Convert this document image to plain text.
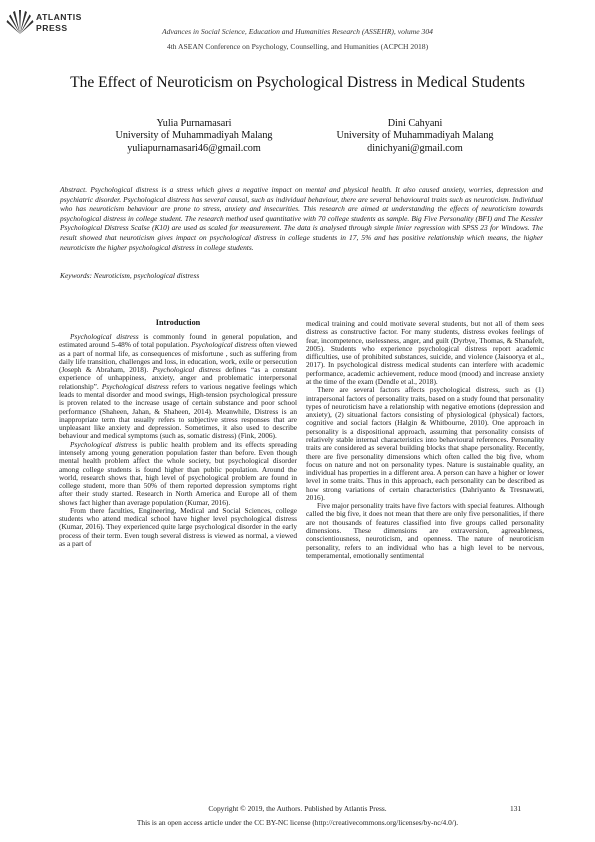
ATLANTIS
PRESS	Advances in Social Science, Education and Humanities Research (ASSEHR), volume 304
4th ASEAN Conference on Psychology, Counselling, and Humanities (ACPCH 2018)
The Effect of Neuroticism on Psychological Distress in Medical Students
Yulia Purnamasari
University of Muhammadiyah Malang
yuliapurnamasari46@gmail.com
Dini Cahyani
University of Muhammadiyah Malang
dinichyani@gmail.com
Abstract. Psychological distress is a stress which gives a negative impact on mental and physical health. It also caused anxiety, worries, depression and psychiatric disorder. Psychological distress has several causal, such as individual behaviour, there are several behavioural traits such as neuroticism. Individual who has neuroticism behaviour are prone to stress, anxiety and insecurities. This research are aimed at understanding the effects of neuroticism towards psychological distress in college student. The research method used quantitative with 70 college students as sample. Big Five Personality (BFI) and The Kessler Psychological Distress Scalse (K10) are used as scaled for measurement. The data is analysed through simple linier regression with SPSS 23 for Windows. The result showed that neuroticism gives impact on psychological distress in college students in 17, 5% and has positive relationship which means, the higher neuroticism the higher psychological distress in college students.
Keywords: Neuroticism, psychological distress
Introduction

Psychological distress is commonly found in general population, and estimated around 5-48% of total population. Psychological distress often viewed as a part of normal life, as consequences of misfortune , such as suffering from daily life transition, challenges and loss, in education, work, exile or persecution (Joseph & Abraham, 2018). Psychological distress defines “as a constant experience of unhappiness, anxiety, anger and problematic interpersonal relationship”. Psychological distress refers to various negative feelings which leads to mental disorder and mood swings, High-tension psychological pressure is proven related to the increase usage of certain substance and poor school performance (Shaheen, Jahan, & Shaheen, 2014). Meanwhile, Distress is an inappropriate term that usually refers to subjective stress responses that are unpleasant like anxiety and depression. Sometimes, it also used to describe behaviour and medical symptoms (such as, somatic distress) (Fink, 2006).

Psychological distress is public health problem and its effects spreading intensely among young generation population faster than before. Even though mental health problem affect the whole society, but psychological disorder among college students is found higher than public population. Around the world, research shows that, high level of psychological problem are found in college student, more than 50% of them reported depression symptoms right after their study started. Research in North America and Europe all of them shows fact higher than average population (Kumar, 2016).

From there faculties, Engineering, Medical and Social Sciences, college students who attend medical school have higher level psychological distress (Kumar, 2016). They experienced quite large psychological disorder in the early process of their term. Even tough several distress is viewed as normal, a viewed as a part of

medical training and could motivate several students, but not all of them sees distress as constructive factor. For many students, distress evokes feelings of fear, incompetence, uselessness, anger, and guilt (Dyrbye, Thomas, & Shanafelt, 2005). Students who experience psychological distress report academic difficulties, use of prohibited substances, suicide, and violence (Jaisoorya et al., 2017). In psychological distress medical students can interfere with academic performance, academic achievement, reduce mood (mood) and increase anxiety at the time of the exam (Dendle et al., 2018).

There are several factors affects psychological distress, such as (1) intrapersonal factors of personality traits, based on a study found that personality types of neuroticism have a relationship with negative emotions (depression and anxiety), (2) situational factors consisting of physiological (physical) factors, cognitive and social factors (Halgin & Whitbourne, 2010). One approach in personality is a dispositional approach, assuming that personality consists of relatively stable internal characteristics into behavioural references. Personality traits are considered as several building blocks that shape personality. Recently, there are five personality dimensions which often called the big five, whom focus on nature and not on personality types. Nature is sustainable quality, an individual has properties in a different area. A person can have a higher or lower level in some traits. Thus in this approach, each personality can be described as how strong variations of certain characteristics (Dahriyanto & Tresnawati, 2016).

Five major personality traits have five factors with special features. Although called the big five, it does not mean that there are only five personalities, if there are not thousands of features classified into five groups called personality dimensions. These dimensions are extraversion, agreeableness, conscientiousness, neuroticism, and openness. The nature of neuroticism personality, refers to an individual who has a high level to be nervous, temperamental, emotionally sentimental

Copyright © 2019, the Authors. Published by Atlantis Press.	131
This is an open access article under the CC BY-NC license (http://creativecommons.org/licenses/by-nc/4.0/).
